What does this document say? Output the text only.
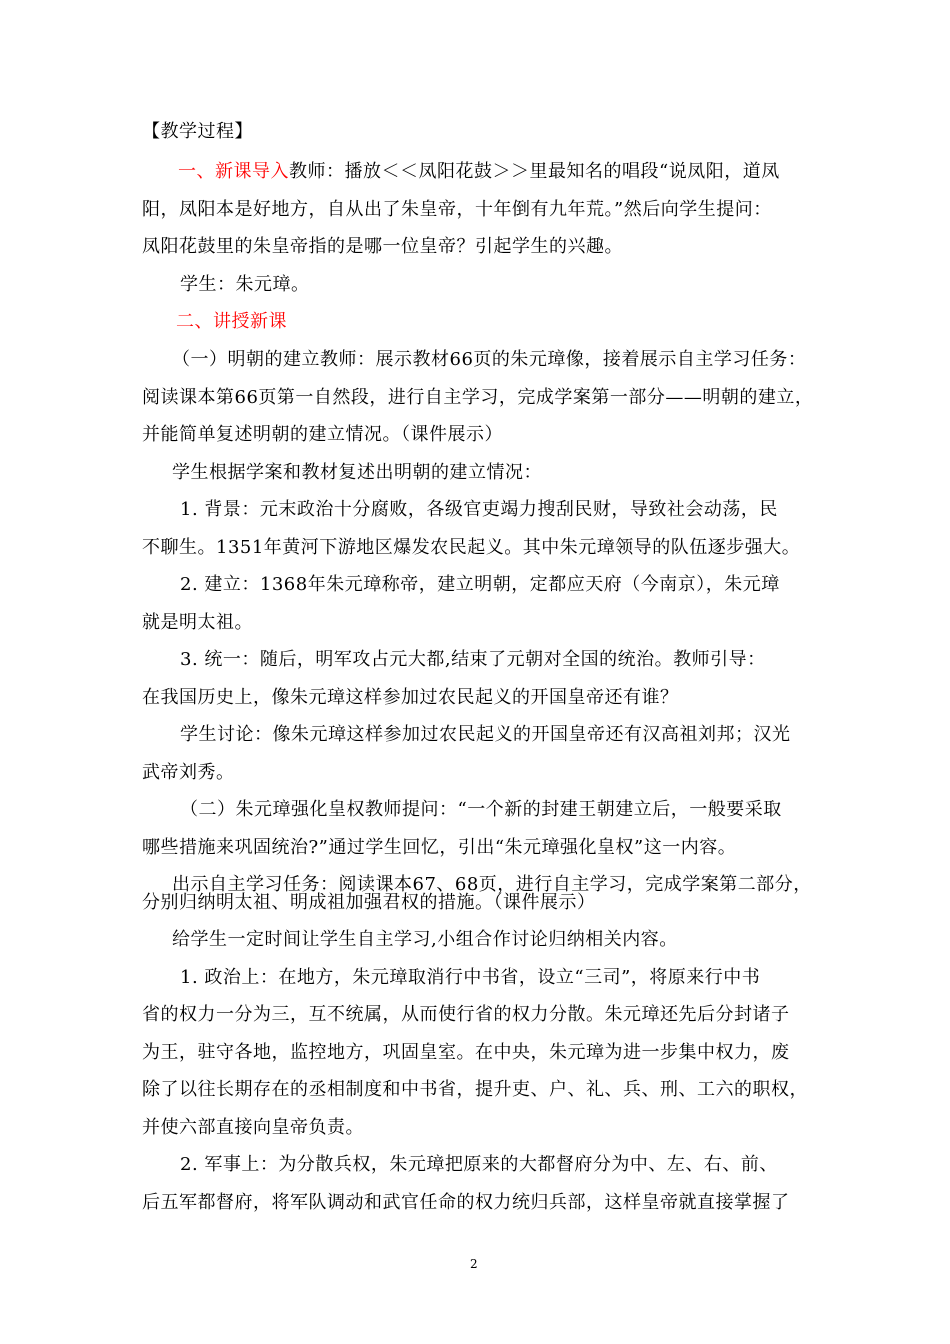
【教学过程】
一、新课导入教师：播放＜＜凤阳花鼓＞＞里最知名的唱段“说凤阳，道凤
阳，凤阳本是好地方，自从出了朱皇帝，十年倒有九年荒。”然后向学生提问：
凤阳花鼓里的朱皇帝指的是哪一位皇帝？引起学生的兴趣。
学生：朱元璋。
二、讲授新课
（一）明朝的建立教师：展示教材66页的朱元璋像，接着展示自主学习任务：
阅读课本第66页第一自然段，进行自主学习，完成学案第一部分——明朝的建立，
并能简单复述明朝的建立情况。（课件展示）
学生根据学案和教材复述出明朝的建立情况：
1. 背景：元末政治十分腐败，各级官吏竭力搜刮民财，导致社会动荡，民
不聊生。1351年黄河下游地区爆发农民起义。其中朱元璋领导的队伍逐步强大。
2. 建立：1368年朱元璋称帝，建立明朝，定都应天府（今南京），朱元璋
就是明太祖。
3. 统一：随后，明军攻占元大都,结束了元朝对全国的统治。教师引导：
在我国历史上，像朱元璋这样参加过农民起义的开国皇帝还有谁？
学生讨论：像朱元璋这样参加过农民起义的开国皇帝还有汉高祖刘邦；汉光
武帝刘秀。
（二）朱元璋强化皇权教师提问：“一个新的封建王朝建立后，一般要采取
哪些措施来巩固统治?”通过学生回忆，引出“朱元璋强化皇权”这一内容。
出示自主学习任务：阅读课本67、68页，进行自主学习，完成学案第二部分，
分别归纳明太祖、明成祖加强君权的措施。（课件展示）
给学生一定时间让学生自主学习,小组合作讨论归纳相关内容。
1. 政治上：在地方，朱元璋取消行中书省，设立“三司”，将原来行中书
省的权力一分为三，互不统属，从而使行省的权力分散。朱元璋还先后分封诸子
为王，驻守各地，监控地方，巩固皇室。在中央，朱元璋为进一步集中权力，废
除了以往长期存在的丞相制度和中书省，提升吏、户、礼、兵、刑、工六的职权，
并使六部直接向皇帝负责。
2. 军事上：为分散兵权，朱元璋把原来的大都督府分为中、左、右、前、
后五军都督府，将军队调动和武官任命的权力统归兵部，这样皇帝就直接掌握了
2
